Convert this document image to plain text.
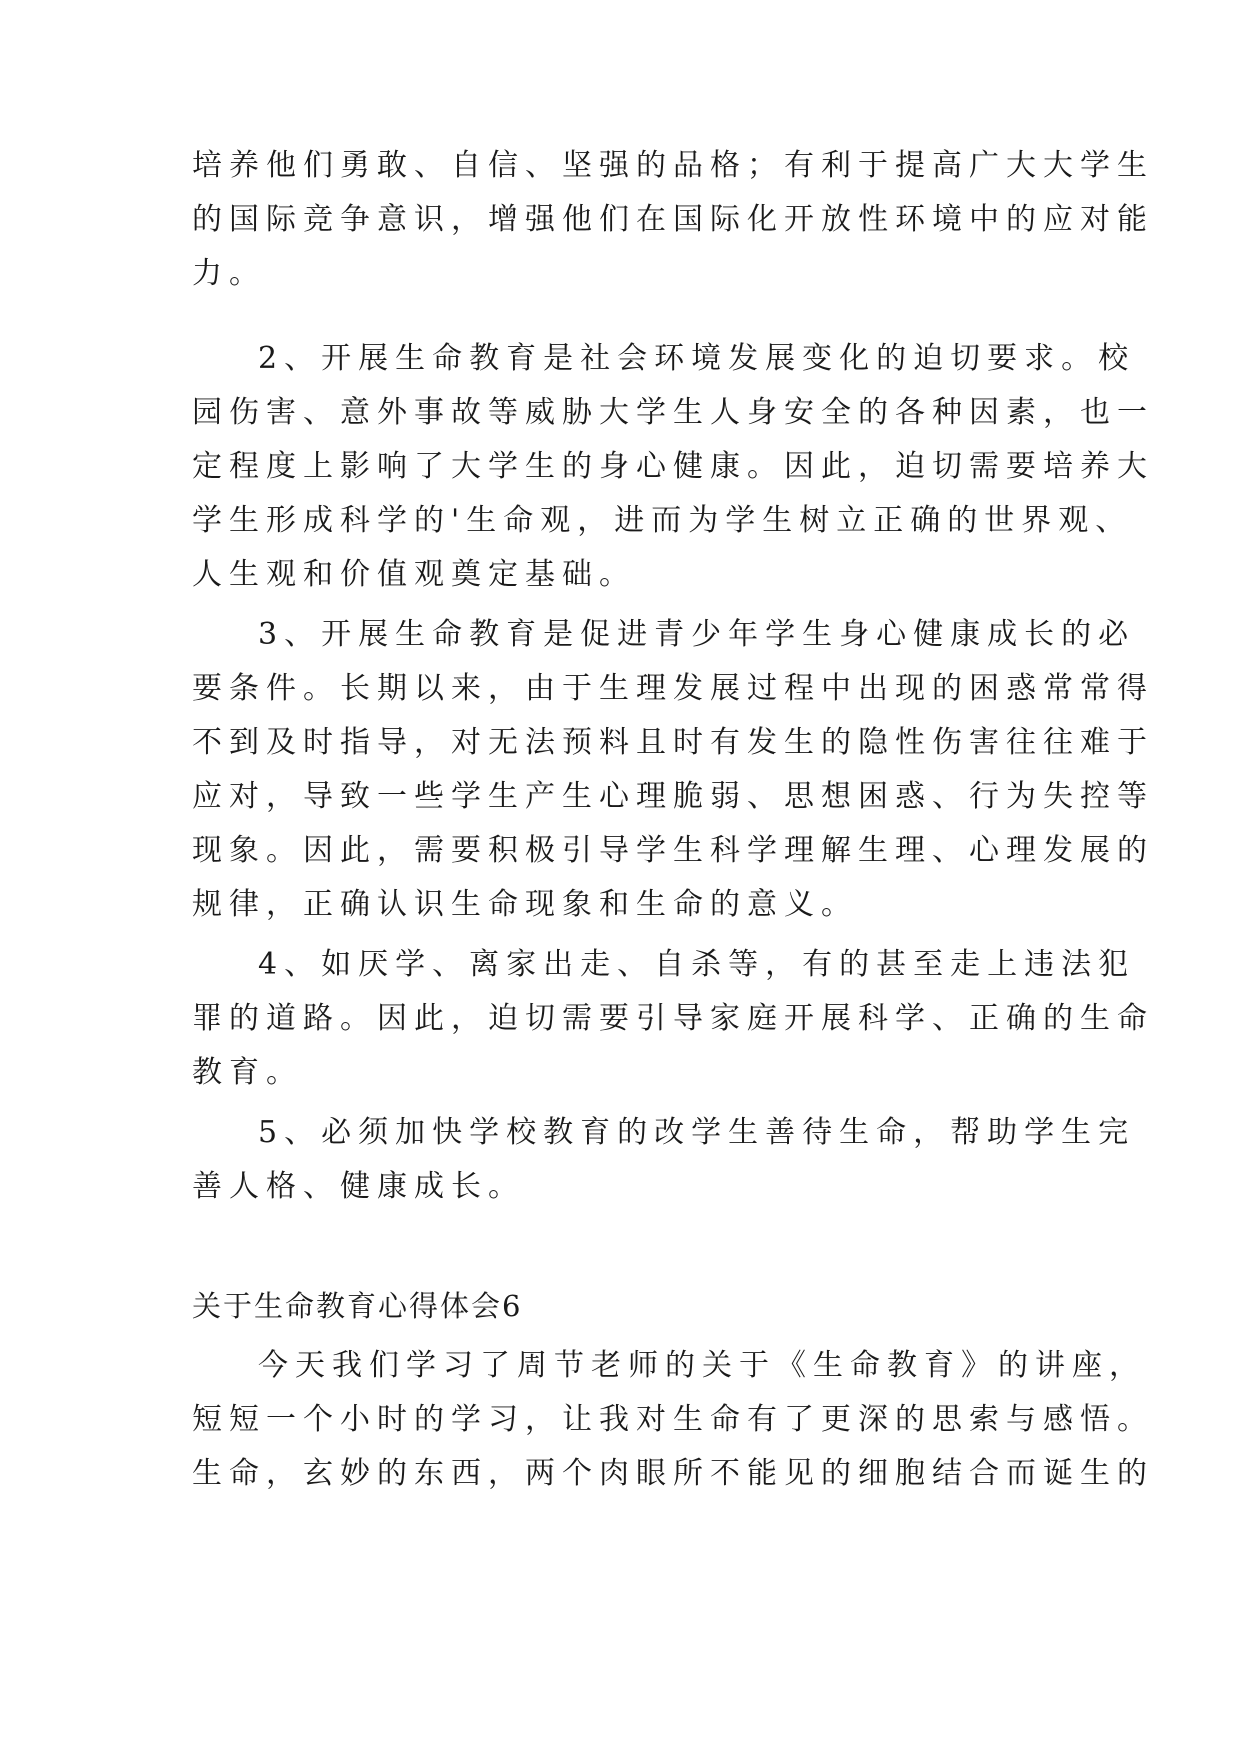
培养他们勇敢、自信、坚强的品格；有利于提高广大大学生
的国际竞争意识，增强他们在国际化开放性环境中的应对能
力。
2、开展生命教育是社会环境发展变化的迫切要求。校
园伤害、意外事故等威胁大学生人身安全的各种因素，也一
定程度上影响了大学生的身心健康。因此，迫切需要培养大
学生形成科学的'生命观，进而为学生树立正确的世界观、
人生观和价值观奠定基础。
3、开展生命教育是促进青少年学生身心健康成长的必
要条件。长期以来，由于生理发展过程中出现的困惑常常得
不到及时指导，对无法预料且时有发生的隐性伤害往往难于
应对，导致一些学生产生心理脆弱、思想困惑、行为失控等
现象。因此，需要积极引导学生科学理解生理、心理发展的
规律，正确认识生命现象和生命的意义。
4、如厌学、离家出走、自杀等，有的甚至走上违法犯
罪的道路。因此，迫切需要引导家庭开展科学、正确的生命
教育。
5、必须加快学校教育的改学生善待生命，帮助学生完
善人格、健康成长。
关于生命教育心得体会6
今天我们学习了周节老师的关于《生命教育》的讲座，
短短一个小时的学习，让我对生命有了更深的思索与感悟。
生命，玄妙的东西，两个肉眼所不能见的细胞结合而诞生的
